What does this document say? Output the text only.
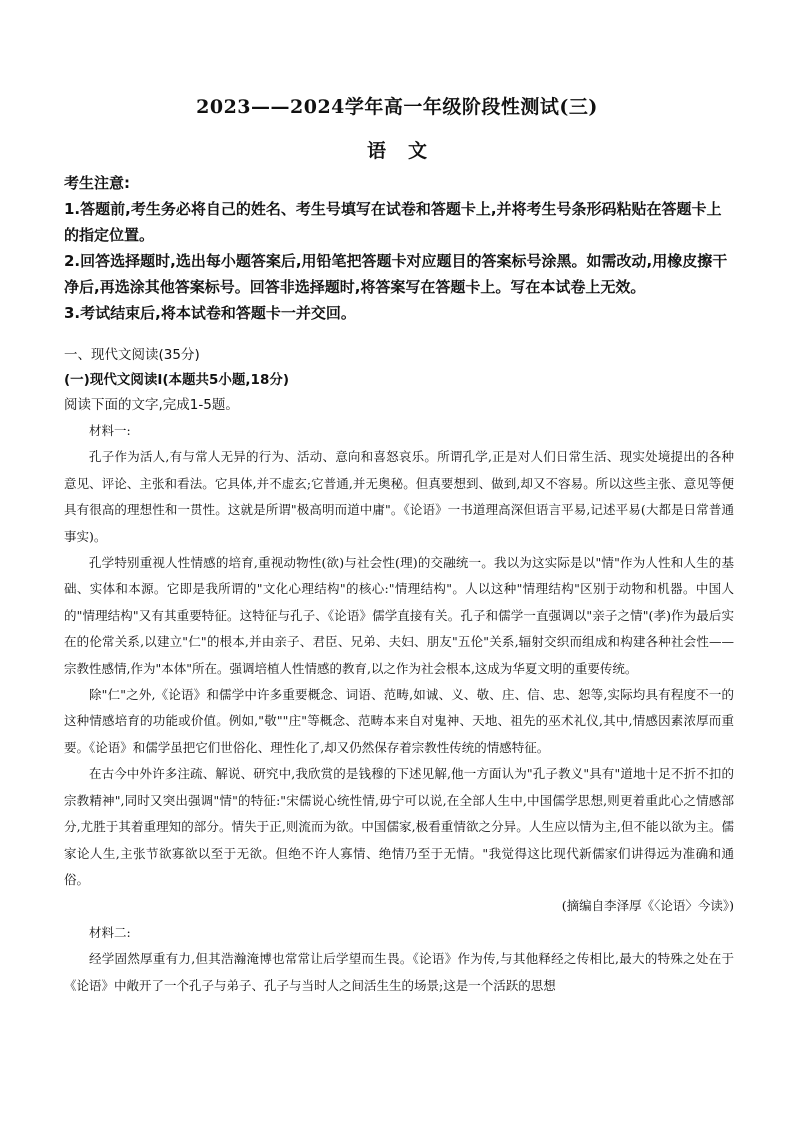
2023——2024学年高一年级阶段性测试(三)
语文

考生注意:

1.答题前,考生务必将自己的姓名、考生号填写在试卷和答题卡上,并将考生号条形码粘贴在答题卡上的指定位置。

2.回答选择题时,选出每小题答案后,用铅笔把答题卡对应题目的答案标号涂黑。如需改动,用橡皮擦干净后,再选涂其他答案标号。回答非选择题时,将答案写在答题卡上。写在本试卷上无效。

3.考试结束后,将本试卷和答题卡一并交回。

一、现代文阅读(35分)
(一)现代文阅读Ⅰ(本题共5小题,18分)
阅读下面的文字,完成1-5题。

材料一:

孔子作为活人,有与常人无异的行为、活动、意向和喜怒哀乐。所谓孔学,正是对人们日常生活、现实处境提出的各种意见、评论、主张和看法。它具体,并不虚玄;它普通,并无奥秘。但真要想到、做到,却又不容易。所以这些主张、意见等便具有很高的理想性和一贯性。这就是所谓"极高明而道中庸"。《论语》一书道理高深但语言平易,记述平易(大都是日常普通事实)。

孔学特别重视人性情感的培育,重视动物性(欲)与社会性(理)的交融统一。我以为这实际是以"情"作为人性和人生的基础、实体和本源。它即是我所谓的"文化心理结构"的核心:"情理结构"。人以这种"情理结构"区别于动物和机器。中国人的"情理结构"又有其重要特征。这特征与孔子、《论语》儒学直接有关。孔子和儒学一直强调以"亲子之情"(孝)作为最后实在的伦常关系,以建立"仁"的根本,并由亲子、君臣、兄弟、夫妇、朋友"五伦"关系,辐射交织而组成和构建各种社会性——宗教性感情,作为"本体"所在。强调培植人性情感的教育,以之作为社会根本,这成为华夏文明的重要传统。

除"仁"之外,《论语》和儒学中许多重要概念、词语、范畴,如诚、义、敬、庄、信、忠、恕等,实际均具有程度不一的这种情感培育的功能或价值。例如,"敬""庄"等概念、范畴本来自对鬼神、天地、祖先的巫术礼仪,其中,情感因素浓厚而重要。《论语》和儒学虽把它们世俗化、理性化了,却又仍然保存着宗教性传统的情感特征。

在古今中外许多注疏、解说、研究中,我欣赏的是钱穆的下述见解,他一方面认为"孔子教义"具有"道地十足不折不扣的宗教精神",同时又突出强调"情"的特征:"宋儒说心统性情,毋宁可以说,在全部人生中,中国儒学思想,则更着重此心之情感部分,尤胜于其着重理知的部分。情失于正,则流而为欲。中国儒家,极看重情欲之分异。人生应以情为主,但不能以欲为主。儒家论人生,主张节欲寡欲以至于无欲。但绝不许人寡情、绝情乃至于无情。"我觉得这比现代新儒家们讲得远为准确和通俗。

(摘编自李泽厚《〈论语〉今读》)

材料二:

经学固然厚重有力,但其浩瀚淹博也常常让后学望而生畏。《论语》作为传,与其他释经之传相比,最大的特殊之处在于《论语》中敞开了一个孔子与弟子、孔子与当时人之间活生生的场景;这是一个活跃的思想
